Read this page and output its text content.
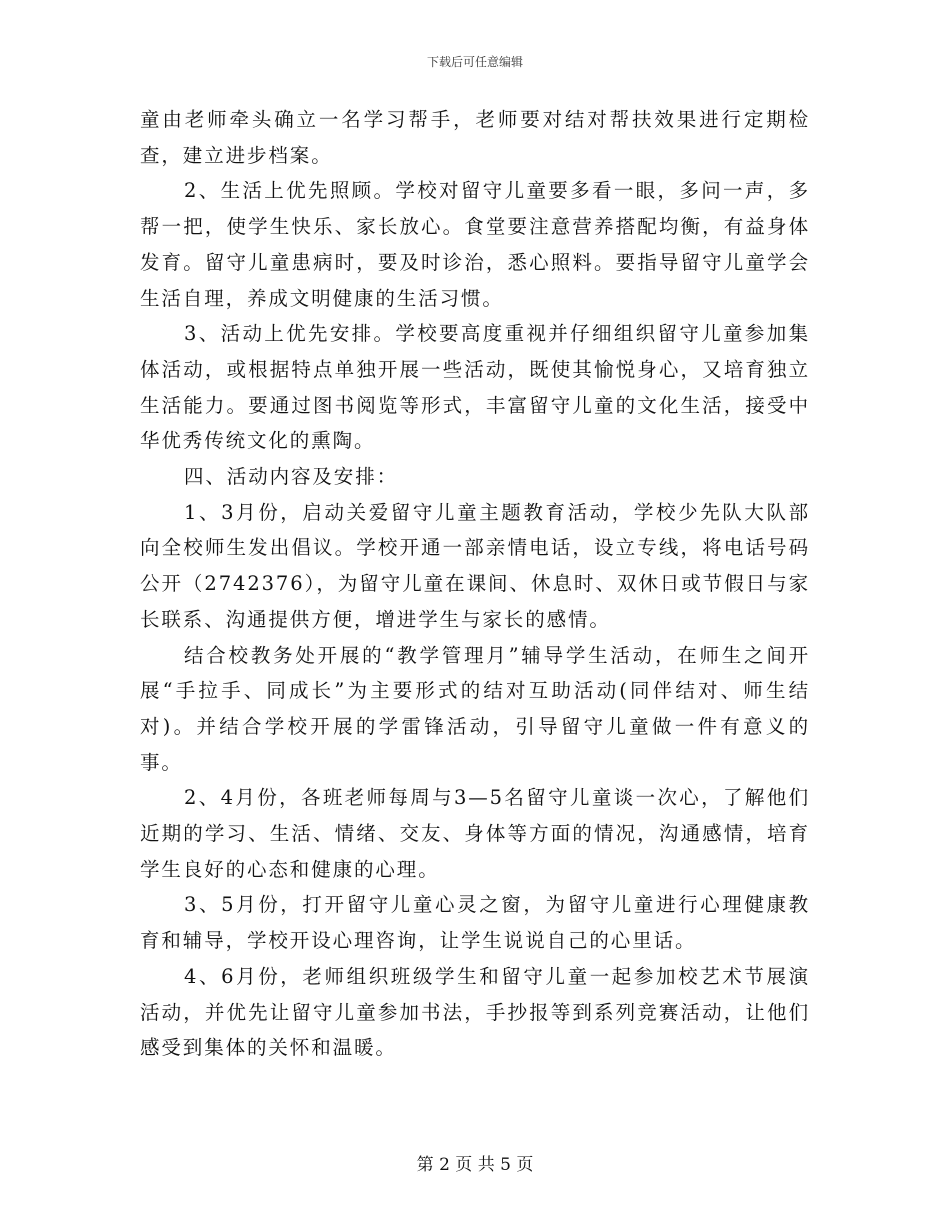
下载后可任意编辑

童由老师牵头确立一名学习帮手，老师要对结对帮扶效果进行定期检查，建立进步档案。

2、生活上优先照顾。学校对留守儿童要多看一眼，多问一声，多帮一把，使学生快乐、家长放心。食堂要注意营养搭配均衡，有益身体发育。留守儿童患病时，要及时诊治，悉心照料。要指导留守儿童学会生活自理，养成文明健康的生活习惯。

3、活动上优先安排。学校要高度重视并仔细组织留守儿童参加集体活动，或根据特点单独开展一些活动，既使其愉悦身心，又培育独立生活能力。要通过图书阅览等形式，丰富留守儿童的文化生活，接受中华优秀传统文化的熏陶。

四、活动内容及安排：

1、3月份，启动关爱留守儿童主题教育活动，学校少先队大队部向全校师生发出倡议。学校开通一部亲情电话，设立专线，将电话号码公开（2742376），为留守儿童在课间、休息时、双休日或节假日与家长联系、沟通提供方便，增进学生与家长的感情。

结合校教务处开展的“教学管理月”辅导学生活动，在师生之间开展“手拉手、同成长”为主要形式的结对互助活动(同伴结对、师生结对)。并结合学校开展的学雷锋活动，引导留守儿童做一件有意义的事。

2、4月份，各班老师每周与3—5名留守儿童谈一次心，了解他们近期的学习、生活、情绪、交友、身体等方面的情况，沟通感情，培育学生良好的心态和健康的心理。

3、5月份，打开留守儿童心灵之窗，为留守儿童进行心理健康教育和辅导，学校开设心理咨询，让学生说说自己的心里话。

4、6月份，老师组织班级学生和留守儿童一起参加校艺术节展演活动，并优先让留守儿童参加书法，手抄报等到系列竞赛活动，让他们感受到集体的关怀和温暖。

第 2 页 共 5 页
